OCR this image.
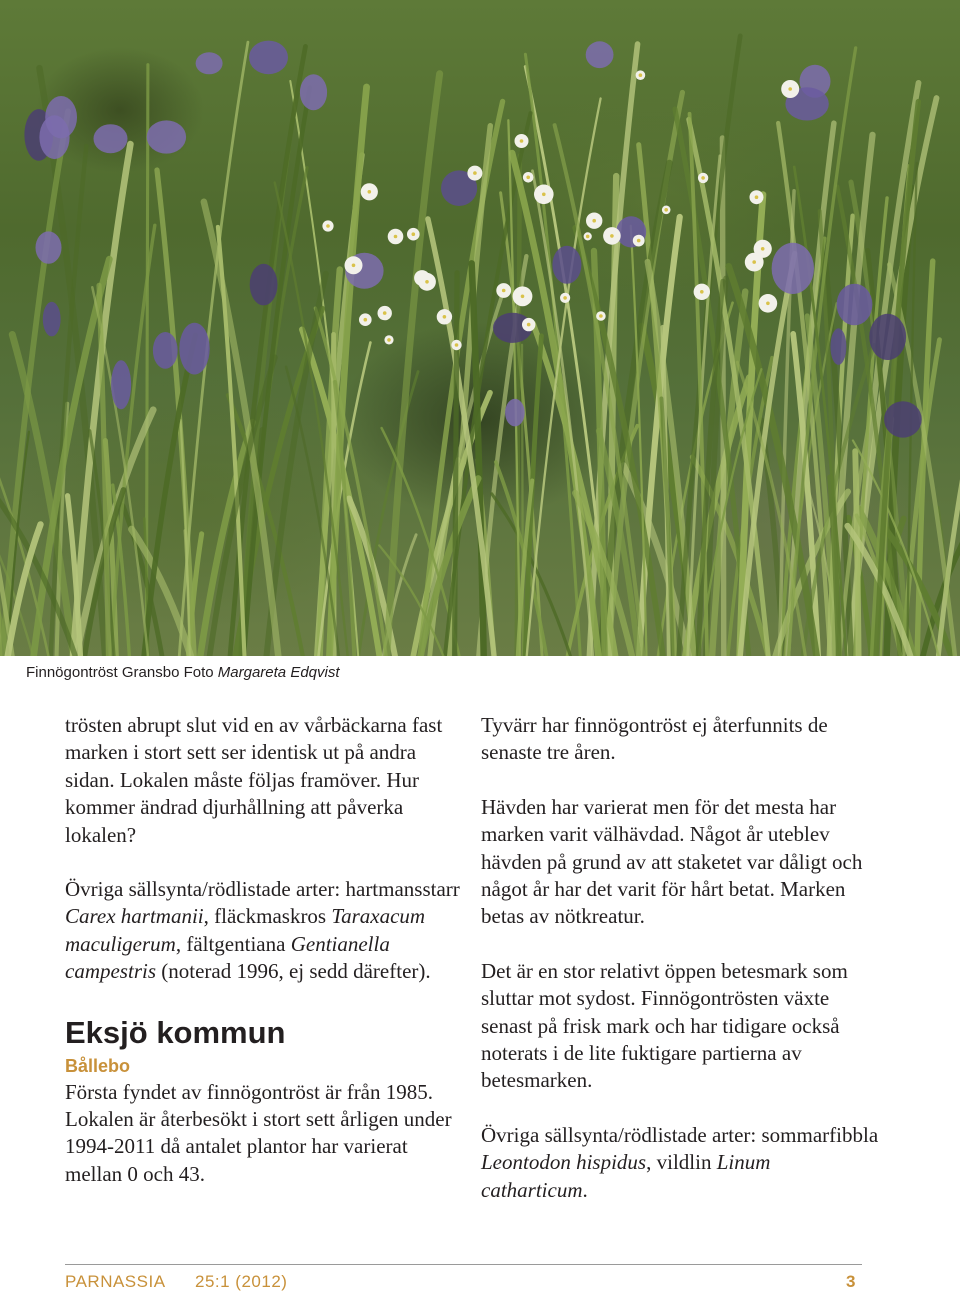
Finnögontröst Gransbo Foto Margareta Edqvist

trösten abrupt slut vid en av vårbäckarna fast marken i stort sett ser identisk ut på andra sidan. Lokalen måste följas framöver. Hur kommer ändrad djurhållning att påverka lokalen?

Övriga sällsynta/rödlistade arter: hartmansstarr Carex hartmanii, fläckmaskros Taraxacum maculigerum, fältgentiana Gentianella campestris (noterad 1996, ej sedd därefter).

Eksjö kommun
Bållebo

Första fyndet av finnögontröst är från 1985. Lokalen är återbesökt i stort sett årligen under 1994-2011 då antalet plantor har varierat mellan 0 och 43.

Tyvärr har finnögontröst ej återfunnits de senaste tre åren.

Hävden har varierat men för det mesta har marken varit välhävdad. Något år uteblev hävden på grund av att staketet var dåligt och något år har det varit för hårt betat. Marken betas av nötkreatur.

Det är en stor relativt öppen betesmark som sluttar mot sydost. Finnögontrösten växte senast på frisk mark och har tidigare också noterats i de lite fuktigare partierna av betesmarken.

Övriga sällsynta/rödlistade arter: sommarfibbla Leontodon hispidus, vildlin Linum catharticum.

PARNASSIA 25:1 (2012)	3
